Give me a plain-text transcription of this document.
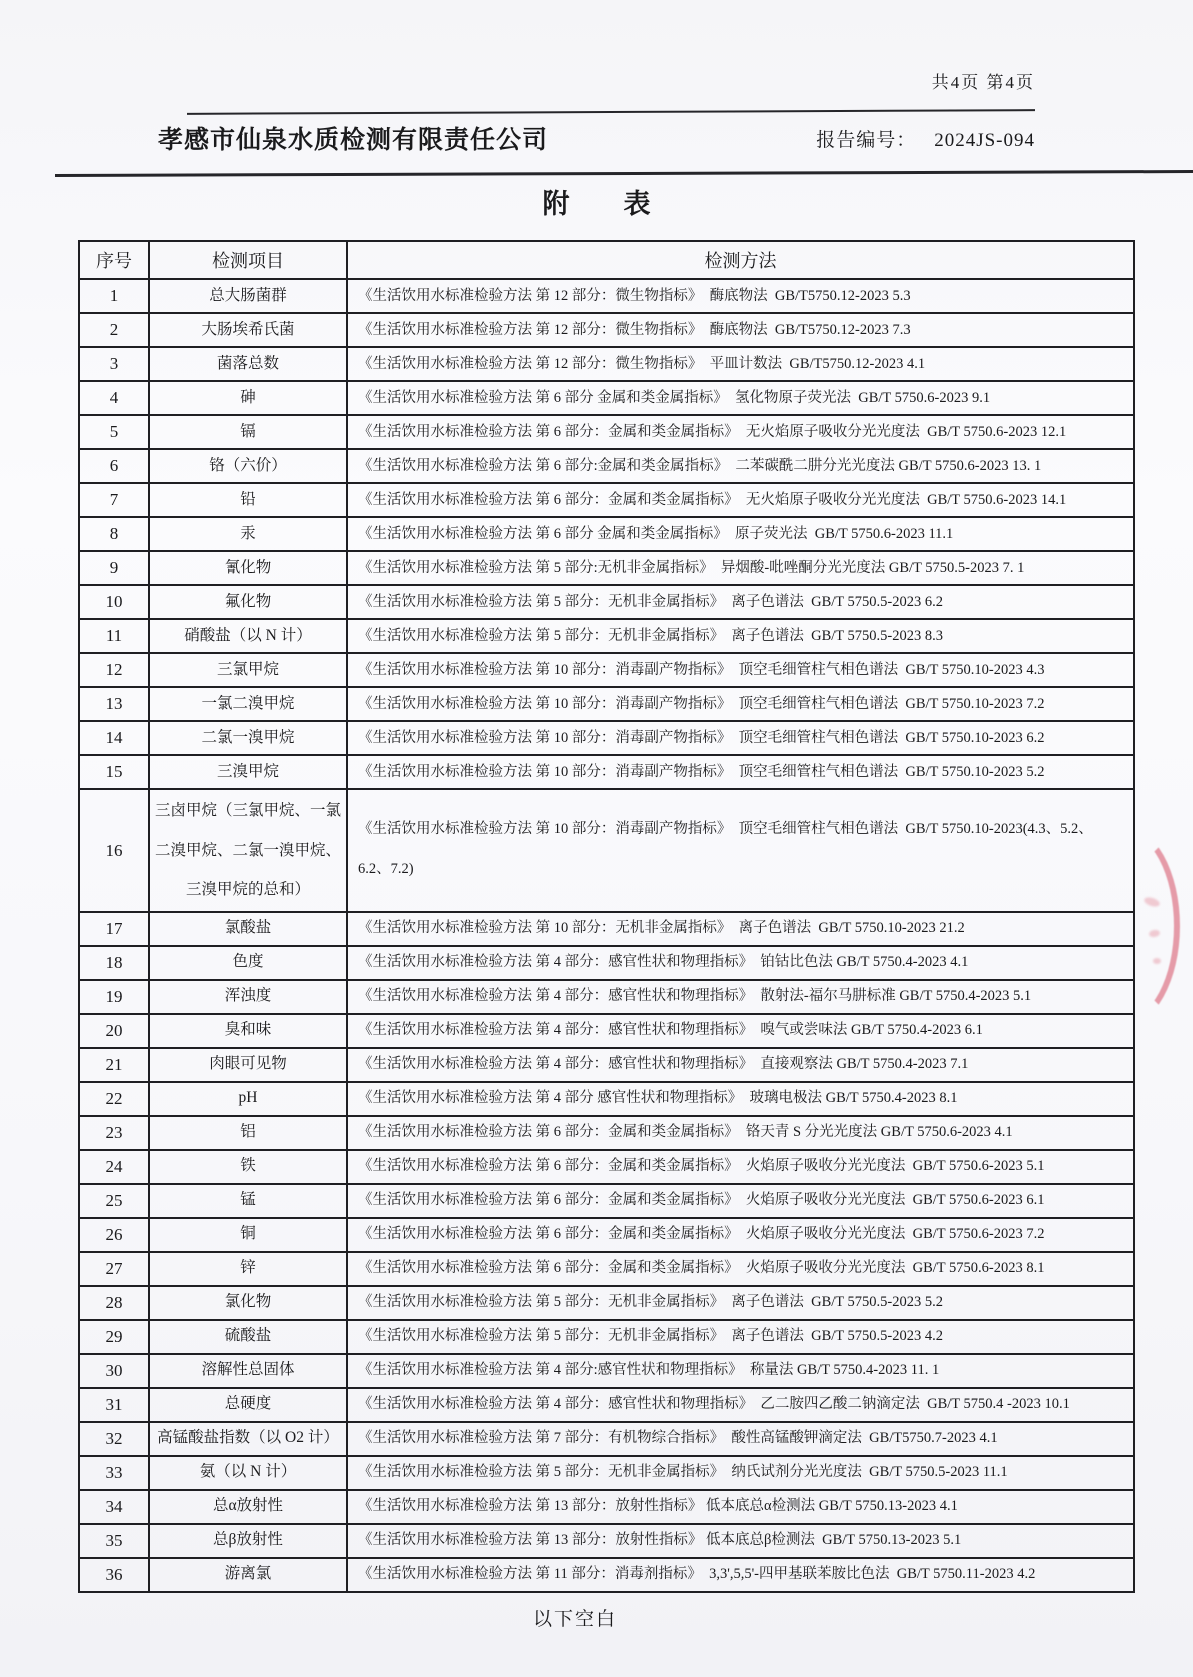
共4页 第4页
孝感市仙泉水质检测有限责任公司	报告编号： 2024JS-094
附　　表
序号	检测项目	检测方法
1	总大肠菌群	《生活饮用水标准检验方法 第 12 部分：微生物指标》  酶底物法  GB/T5750.12-2023 5.3
2	大肠埃希氏菌	《生活饮用水标准检验方法 第 12 部分：微生物指标》  酶底物法  GB/T5750.12-2023 7.3
3	菌落总数	《生活饮用水标准检验方法 第 12 部分：微生物指标》  平皿计数法  GB/T5750.12-2023 4.1
4	砷	《生活饮用水标准检验方法 第 6 部分 金属和类金属指标》  氢化物原子荧光法  GB/T 5750.6-2023 9.1
5	镉	《生活饮用水标准检验方法 第 6 部分：金属和类金属指标》  无火焰原子吸收分光光度法  GB/T 5750.6-2023 12.1
6	铬（六价）	《生活饮用水标准检验方法 第 6 部分:金属和类金属指标》  二苯碳酰二肼分光光度法 GB/T 5750.6-2023 13. 1
7	铅	《生活饮用水标准检验方法 第 6 部分：金属和类金属指标》  无火焰原子吸收分光光度法  GB/T 5750.6-2023 14.1
8	汞	《生活饮用水标准检验方法 第 6 部分 金属和类金属指标》  原子荧光法  GB/T 5750.6-2023 11.1
9	氰化物	《生活饮用水标准检验方法 第 5 部分:无机非金属指标》  异烟酸-吡唑酮分光光度法 GB/T 5750.5-2023 7. 1
10	氟化物	《生活饮用水标准检验方法 第 5 部分：无机非金属指标》  离子色谱法  GB/T 5750.5-2023 6.2
11	硝酸盐（以 N 计）	《生活饮用水标准检验方法 第 5 部分：无机非金属指标》  离子色谱法  GB/T 5750.5-2023 8.3
12	三氯甲烷	《生活饮用水标准检验方法 第 10 部分：消毒副产物指标》  顶空毛细管柱气相色谱法  GB/T 5750.10-2023 4.3
13	一氯二溴甲烷	《生活饮用水标准检验方法 第 10 部分：消毒副产物指标》  顶空毛细管柱气相色谱法  GB/T 5750.10-2023 7.2
14	二氯一溴甲烷	《生活饮用水标准检验方法 第 10 部分：消毒副产物指标》  顶空毛细管柱气相色谱法  GB/T 5750.10-2023 6.2
15	三溴甲烷	《生活饮用水标准检验方法 第 10 部分：消毒副产物指标》  顶空毛细管柱气相色谱法  GB/T 5750.10-2023 5.2
16	三卤甲烷（三氯甲烷、一氯二溴甲烷、二氯一溴甲烷、三溴甲烷的总和）	《生活饮用水标准检验方法 第 10 部分：消毒副产物指标》  顶空毛细管柱气相色谱法  GB/T 5750.10-2023(4.3、5.2、6.2、7.2)
17	氯酸盐	《生活饮用水标准检验方法 第 10 部分：无机非金属指标》  离子色谱法  GB/T 5750.10-2023 21.2
18	色度	《生活饮用水标准检验方法 第 4 部分：感官性状和物理指标》  铂钴比色法 GB/T 5750.4-2023 4.1
19	浑浊度	《生活饮用水标准检验方法 第 4 部分：感官性状和物理指标》  散射法-福尔马肼标准 GB/T 5750.4-2023 5.1
20	臭和味	《生活饮用水标准检验方法 第 4 部分：感官性状和物理指标》  嗅气或尝味法 GB/T 5750.4-2023 6.1
21	肉眼可见物	《生活饮用水标准检验方法 第 4 部分：感官性状和物理指标》  直接观察法 GB/T 5750.4-2023 7.1
22	pH	《生活饮用水标准检验方法 第 4 部分 感官性状和物理指标》  玻璃电极法 GB/T 5750.4-2023 8.1
23	铝	《生活饮用水标准检验方法 第 6 部分：金属和类金属指标》  铬天青 S 分光光度法 GB/T 5750.6-2023 4.1
24	铁	《生活饮用水标准检验方法 第 6 部分：金属和类金属指标》  火焰原子吸收分光光度法  GB/T 5750.6-2023 5.1
25	锰	《生活饮用水标准检验方法 第 6 部分：金属和类金属指标》  火焰原子吸收分光光度法  GB/T 5750.6-2023 6.1
26	铜	《生活饮用水标准检验方法 第 6 部分：金属和类金属指标》  火焰原子吸收分光光度法  GB/T 5750.6-2023 7.2
27	锌	《生活饮用水标准检验方法 第 6 部分：金属和类金属指标》  火焰原子吸收分光光度法  GB/T 5750.6-2023 8.1
28	氯化物	《生活饮用水标准检验方法 第 5 部分：无机非金属指标》  离子色谱法  GB/T 5750.5-2023 5.2
29	硫酸盐	《生活饮用水标准检验方法 第 5 部分：无机非金属指标》  离子色谱法  GB/T 5750.5-2023 4.2
30	溶解性总固体	《生活饮用水标准检验方法 第 4 部分:感官性状和物理指标》  称量法 GB/T 5750.4-2023 11. 1
31	总硬度	《生活饮用水标准检验方法 第 4 部分：感官性状和物理指标》  乙二胺四乙酸二钠滴定法  GB/T 5750.4 -2023 10.1
32	高锰酸盐指数（以 O2 计）	《生活饮用水标准检验方法 第 7 部分：有机物综合指标》  酸性高锰酸钾滴定法  GB/T5750.7-2023 4.1
33	氨（以 N 计）	《生活饮用水标准检验方法 第 5 部分：无机非金属指标》  纳氏试剂分光光度法  GB/T 5750.5-2023 11.1
34	总α放射性	《生活饮用水标准检验方法 第 13 部分：放射性指标》 低本底总α检测法 GB/T 5750.13-2023 4.1
35	总β放射性	《生活饮用水标准检验方法 第 13 部分：放射性指标》 低本底总β检测法  GB/T 5750.13-2023 5.1
36	游离氯	《生活饮用水标准检验方法 第 11 部分：消毒剂指标》  3,3',5,5'-四甲基联苯胺比色法  GB/T 5750.11-2023 4.2
以下空白
